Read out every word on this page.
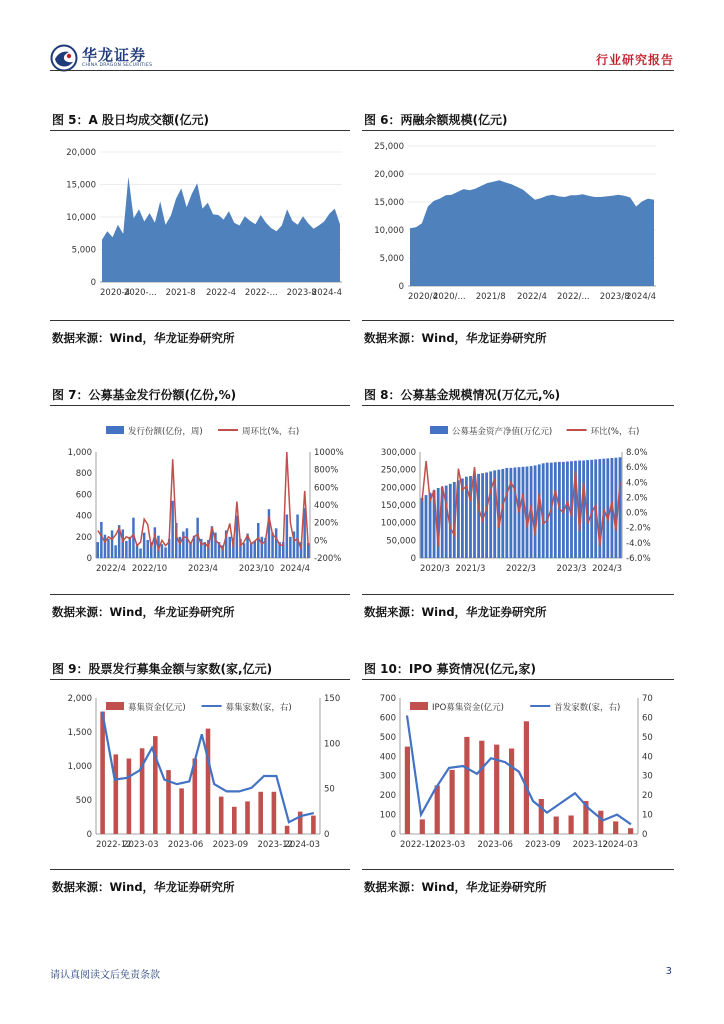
华龙证券
CHINA DRAGON SECURITIES	行业研究报告
图 5：A 股日均成交额(亿元)
0
5,000
10,000
15,000
20,000
2020-4
2020-... 2021-8 2022-4 2022-... 2023-8
2024-4
数据来源：Wind，华龙证券研究所
图 6：两融余额规模(亿元)
0
5,000
10,000
15,000
20,000
25,000
2020/4
2020/... 2021/8 2022/4 2022/... 2023/8
2024/4
数据来源：Wind，华龙证券研究所
图 7：公募基金发行份额(亿份,%)
0
200
400
600
800
1,000
-200%
0%
200%
400%
600%
800%
1000%
2022/4 2022/10 2023/4 2023/10 2024/4
发行份额(亿份，周)	周环比(%，右)
数据来源：Wind，华龙证券研究所
图 8：公募基金规模情况(万亿元,%)
0
50,000
100,000
150,000
200,000
250,000
300,000
-6.0%
-4.0%
-2.0%
0.0%
2.0%
4.0%
6.0%
8.0%
2020/3 2021/3 2022/3 2023/3 2024/3
公募基金资产净值(万亿元)	环比(%，右)
数据来源：Wind，华龙证券研究所
图 9：股票发行募集金额与家数(家,亿元)
0
500
1,000
1,500
2,000
0
50
100
150
2022-12
2023-03 2023-06 2023-09 2023-12
2024-03
募集资金(亿元)	募集家数(家，右)
数据来源：Wind，华龙证券研究所
图 10：IPO 募资情况(亿元,家)
0
100
200
300
400
500
600
700
0
10
20
30
40
50
60
70
2022-12
2023-03 2023-06 2023-09 2023-12
2024-03
IPO募集资金(亿元)	首发家数(家，右)
数据来源：Wind，华龙证券研究所
请认真阅读文后免责条款	3
